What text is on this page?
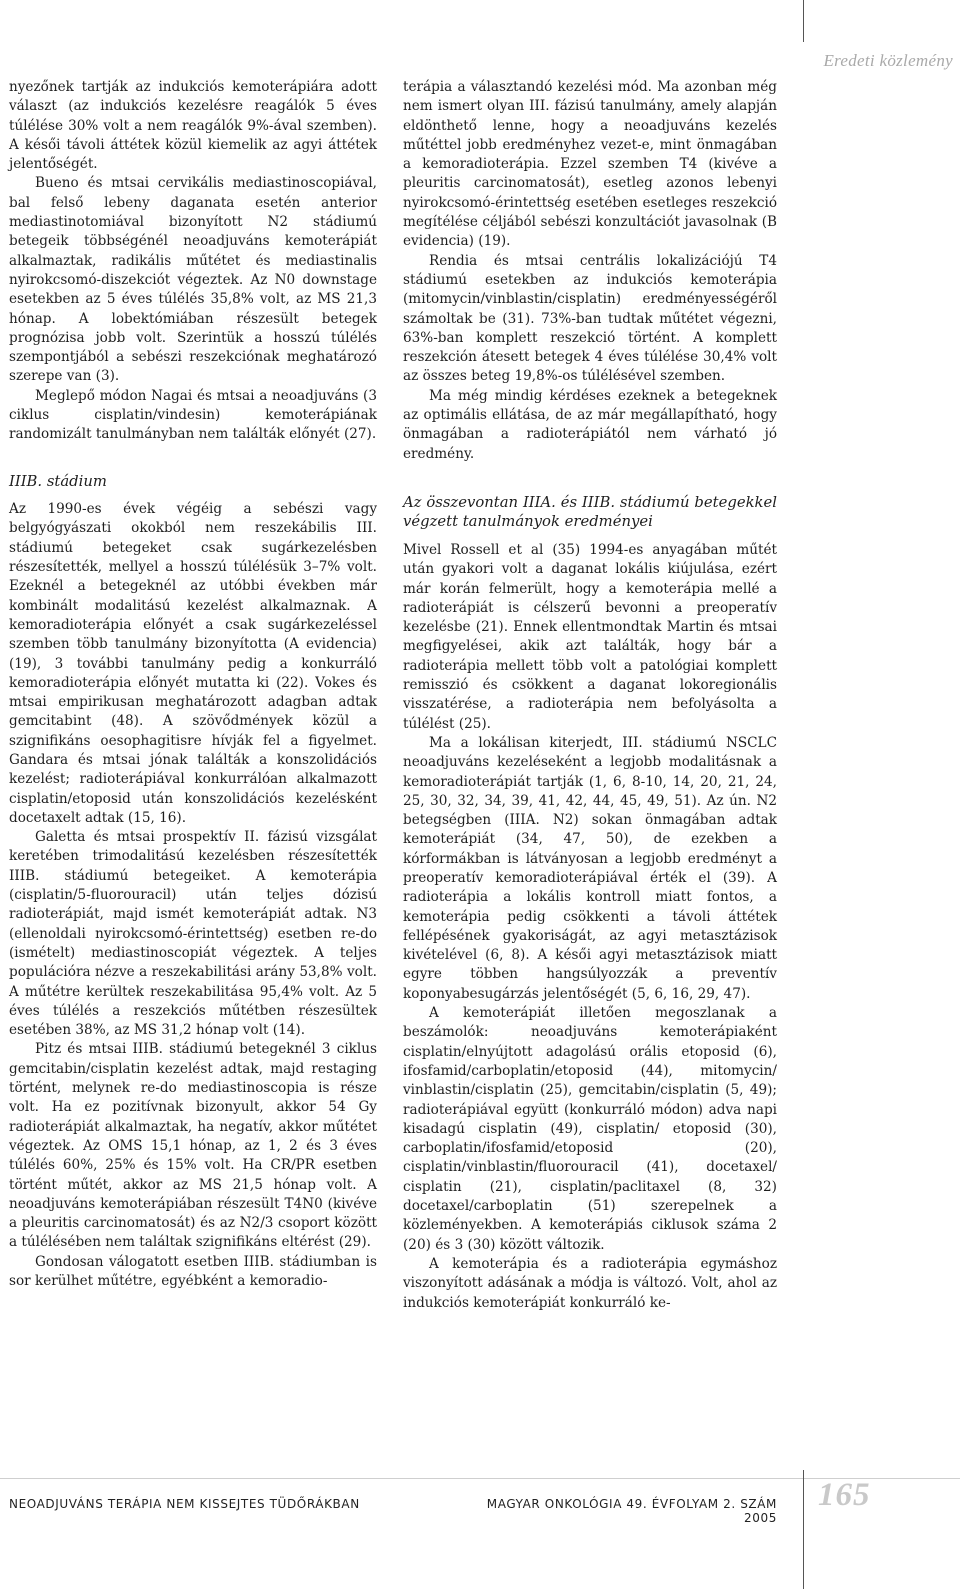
Eredeti közlemény

nyezőnek tartják az indukciós kemoterápiára adott választ (az indukciós kezelésre reagálók 5 éves túlélése 30% volt a nem reagálók 9%-ával szemben). A késői távoli áttétek közül kiemelik az agyi áttétek jelentőségét.

Bueno és mtsai cervikális mediastinoscopiával, bal felső lebeny daganata esetén anterior mediastinotomiával bizonyított N2 stádiumú betegeik többségénél neoadjuváns kemoterápiát alkalmaztak, radikális műtétet és mediastinalis nyirokcsomó-diszekciót végeztek. Az N0 downstage esetekben az 5 éves túlélés 35,8% volt, az MS 21,3 hónap. A lobektómiában részesült betegek prognózisa jobb volt. Szerintük a hosszú túlélés szempontjából a sebészi reszekciónak meghatározó szerepe van (3).

Meglepő módon Nagai és mtsai a neoadjuváns (3 ciklus cisplatin/vindesin) kemoterápiának randomizált tanulmányban nem találták előnyét (27).

IIIB. stádium

Az 1990-es évek végéig a sebészi vagy belgyógyászati okokból nem reszekábilis III. stádiumú betegeket csak sugárkezelésben részesítették, mellyel a hosszú túlélésük 3–7% volt. Ezeknél a betegeknél az utóbbi években már kombinált modalitású kezelést alkalmaznak. A kemoradioterápia előnyét a csak sugárkezeléssel szemben több tanulmány bizonyította (A evidencia) (19), 3 további tanulmány pedig a konkurráló kemoradioterápia előnyét mutatta ki (22). Vokes és mtsai empirikusan meghatározott adagban adtak gemcitabint (48). A szövődmények közül a szignifikáns oesophagitisre hívják fel a figyelmet. Gandara és mtsai jónak találták a konszolidációs kezelést; radioterápiával konkurrálóan alkalmazott cisplatin/etoposid után konszolidációs kezelésként docetaxelt adtak (15, 16).

Galetta és mtsai prospektív II. fázisú vizsgálat keretében trimodalitású kezelésben részesítették IIIB. stádiumú betegeiket. A kemoterápia (cisplatin/5-fluorouracil) után teljes dózisú radioterápiát, majd ismét kemoterápiát adtak. N3 (ellenoldali nyirokcsomó-érintettség) esetben re-do (ismételt) mediastinoscopiát végeztek. A teljes populációra nézve a reszekabilitási arány 53,8% volt. A műtétre kerültek reszekabilitása 95,4% volt. Az 5 éves túlélés a reszekciós műtétben részesültek esetében 38%, az MS 31,2 hónap volt (14).

Pitz és mtsai IIIB. stádiumú betegeknél 3 ciklus gemcitabin/cisplatin kezelést adtak, majd restaging történt, melynek re-do mediastinoscopia is része volt. Ha ez pozitívnak bizonyult, akkor 54 Gy radioterápiát alkalmaztak, ha negatív, akkor műtétet végeztek. Az OMS 15,1 hónap, az 1, 2 és 3 éves túlélés 60%, 25% és 15% volt. Ha CR/PR esetben történt műtét, akkor az MS 21,5 hónap volt. A neoadjuváns kemoterápiában részesült T4N0 (kivéve a pleuritis carcinomatosát) és az N2/3 csoport között a túlélésében nem találtak szignifikáns eltérést (29).

Gondosan válogatott esetben IIIB. stádiumban is sor kerülhet műtétre, egyébként a kemoradio-

terápia a választandó kezelési mód. Ma azonban még nem ismert olyan III. fázisú tanulmány, amely alapján eldönthető lenne, hogy a neoadjuváns kezelés műtéttel jobb eredményhez vezet-e, mint önmagában a kemoradioterápia. Ezzel szemben T4 (kivéve a pleuritis carcinomatosát), esetleg azonos lebenyi nyirokcsomó-érintettség esetében esetleges reszekció megítélése céljából sebészi konzultációt javasolnak (B evidencia) (19).

Rendia és mtsai centrális lokalizációjú T4 stádiumú esetekben az indukciós kemoterápia (mitomycin/vinblastin/cisplatin) eredményességéről számoltak be (31). 73%-ban tudtak műtétet végezni, 63%-ban komplett reszekció történt. A komplett reszekción átesett betegek 4 éves túlélése 30,4% volt az összes beteg 19,8%-os túlélésével szemben.

Ma még mindig kérdéses ezeknek a betegeknek az optimális ellátása, de az már megállapítható, hogy önmagában a radioterápiától nem várható jó eredmény.

Az összevontan IIIA. és IIIB. stádiumú betegekkel végzett tanulmányok eredményei

Mivel Rossell et al (35) 1994-es anyagában műtét után gyakori volt a daganat lokális kiújulása, ezért már korán felmerült, hogy a kemoterápia mellé a radioterápiát is célszerű bevonni a preoperatív kezelésbe (21). Ennek ellentmondtak Martin és mtsai megfigyelései, akik azt találták, hogy bár a radioterápia mellett több volt a patológiai komplett remisszió és csökkent a daganat lokoregionális visszatérése, a radioterápia nem befolyásolta a túlélést (25).

Ma a lokálisan kiterjedt, III. stádiumú NSCLC neoadjuváns kezeléseként a legjobb modalitásnak a kemoradioterápiát tartják (1, 6, 8-10, 14, 20, 21, 24, 25, 30, 32, 34, 39, 41, 42, 44, 45, 49, 51). Az ún. N2 betegségben (IIIA. N2) sokan önmagában adtak kemoterápiát (34, 47, 50), de ezekben a kórformákban is látványosan a legjobb eredményt a preoperatív kemoradioterápiával érték el (39). A radioterápia a lokális kontroll miatt fontos, a kemoterápia pedig csökkenti a távoli áttétek fellépésének gyakoriságát, az agyi metasztázisok kivételével (6, 8). A késői agyi metasztázisok miatt egyre többen hangsúlyozzák a preventív koponyabesugárzás jelentőségét (5, 6, 16, 29, 47).

A kemoterápiát illetően megoszlanak a beszámolók: neoadjuváns kemoterápiaként cisplatin/elnyújtott adagolású orális etoposid (6), ifosfamid/carboplatin/etoposid (44), mitomycin/ vinblastin/cisplatin (25), gemcitabin/cisplatin (5, 49); radioterápiával együtt (konkurráló módon) adva napi kisadagú cisplatin (49), cisplatin/ etoposid (30), carboplatin/ifosfamid/etoposid (20), cisplatin/vinblastin/fluorouracil (41), docetaxel/ cisplatin (21), cisplatin/paclitaxel (8, 32) docetaxel/carboplatin (51) szerepelnek a közleményekben. A kemoterápiás ciklusok száma 2 (20) és 3 (30) között változik.

A kemoterápia és a radioterápia egymáshoz viszonyított adásának a módja is változó. Volt, ahol az indukciós kemoterápiát konkurráló ke-

NEOADJUVÁNS TERÁPIA NEM KISSEJTES TÜDŐRÁKBAN	MAGYAR ONKOLÓGIA 49. ÉVFOLYAM 2. SZÁM 2005
165
